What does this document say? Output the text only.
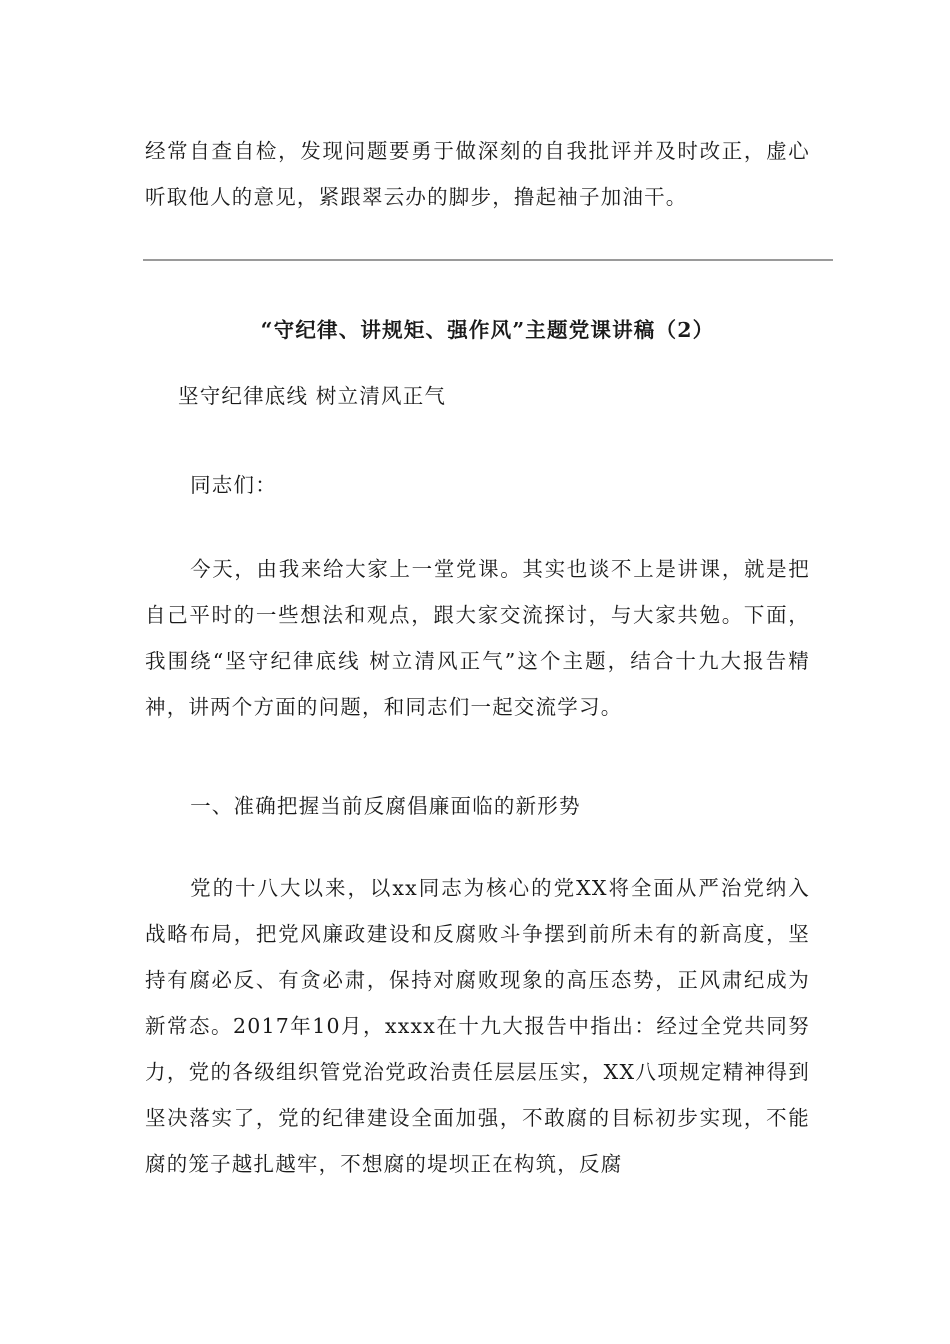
经常自查自检，发现问题要勇于做深刻的自我批评并及时改正，虚心听取他人的意见，紧跟翠云办的脚步，撸起袖子加油干。

“守纪律、讲规矩、强作风”主题党课讲稿（2）

坚守纪律底线 树立清风正气

同志们：

今天，由我来给大家上一堂党课。其实也谈不上是讲课，就是把自己平时的一些想法和观点，跟大家交流探讨，与大家共勉。下面，我围绕“坚守纪律底线 树立清风正气”这个主题，结合十九大报告精神，讲两个方面的问题，和同志们一起交流学习。

一、准确把握当前反腐倡廉面临的新形势

党的十八大以来，以xx同志为核心的党XX将全面从严治党纳入战略布局，把党风廉政建设和反腐败斗争摆到前所未有的新高度，坚持有腐必反、有贪必肃，保持对腐败现象的高压态势，正风肃纪成为新常态。2017年10月，xxxx在十九大报告中指出：经过全党共同努力，党的各级组织管党治党政治责任层层压实，XX八项规定精神得到坚决落实了，党的纪律建设全面加强，不敢腐的目标初步实现，不能腐的笼子越扎越牢，不想腐的堤坝正在构筑，反腐
